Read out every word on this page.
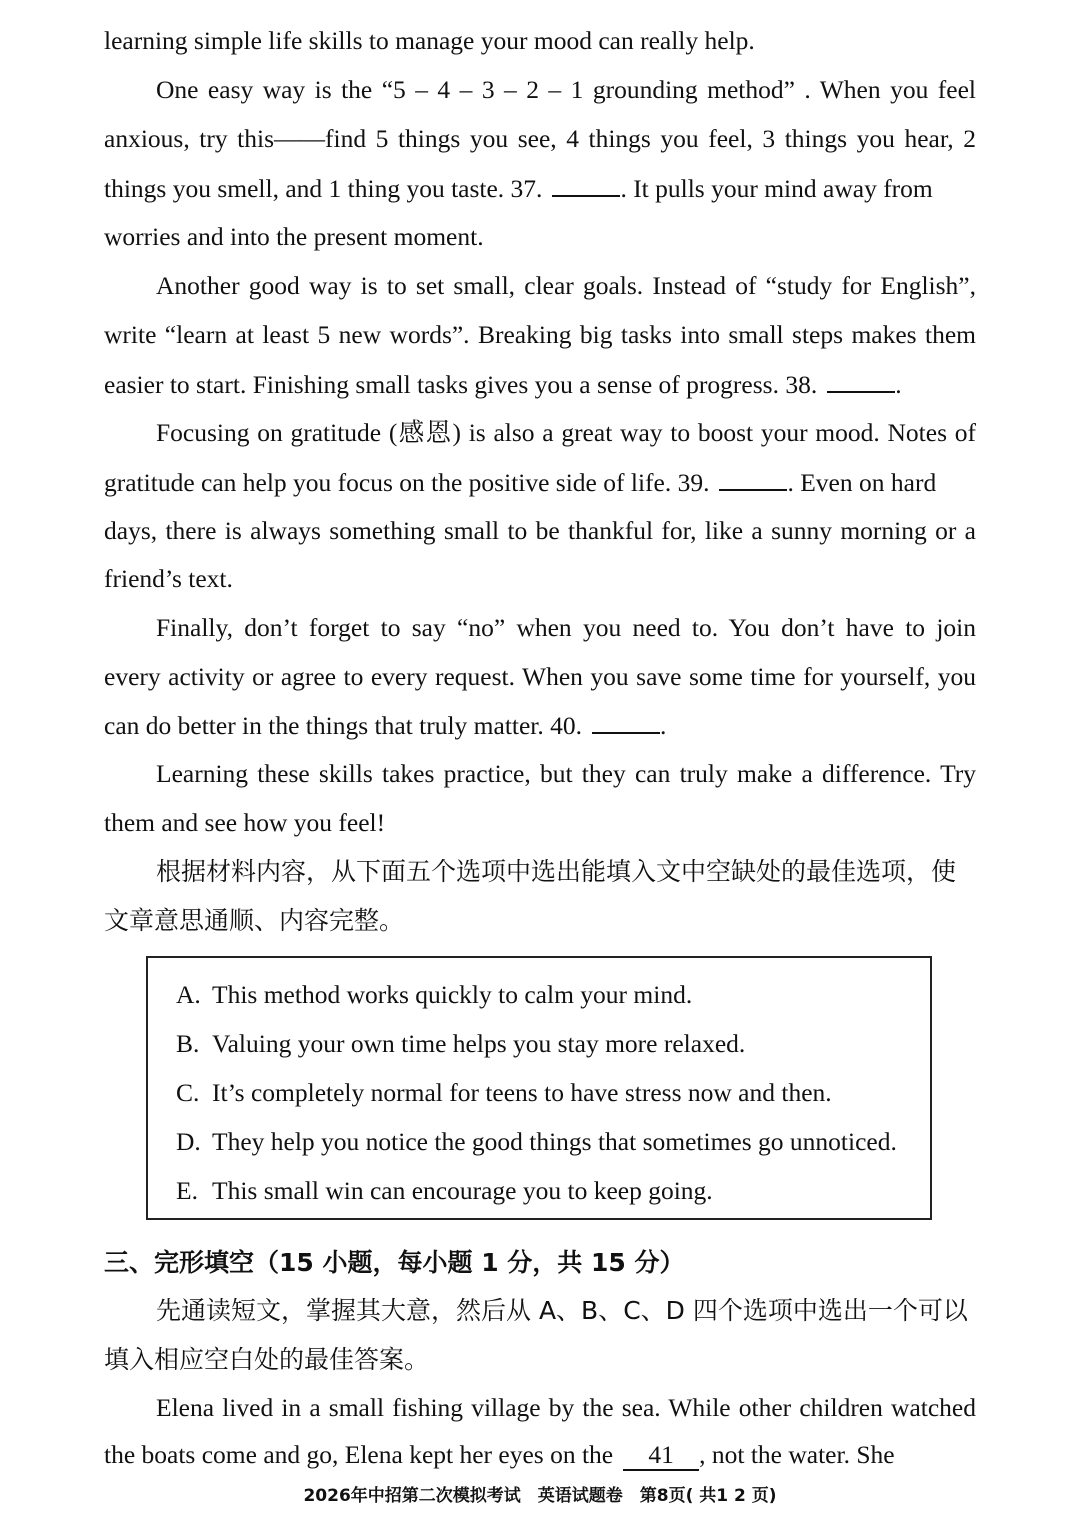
learning simple life skills to manage your mood can really help.
One easy way is the “5 – 4 – 3 – 2 – 1 grounding method” . When you feel
anxious, try this——find 5 things you see, 4 things you feel, 3 things you hear, 2
things you smell, and 1 thing you taste. 37.	. It pulls your mind away from
worries and into the present moment.
Another good way is to set small, clear goals. Instead of “study for English”,
write “learn at least 5 new words”. Breaking big tasks into small steps makes them
easier to start. Finishing small tasks gives you a sense of progress. 38.	.
Focusing on gratitude (感恩) is also a great way to boost your mood. Notes of
gratitude can help you focus on the positive side of life. 39.	. Even on hard
days, there is always something small to be thankful for, like a sunny morning or a
friend’s text.
Finally, don’t forget to say “no” when you need to. You don’t have to join
every activity or agree to every request. When you save some time for yourself, you
can do better in the things that truly matter. 40.	.
Learning these skills takes practice, but they can truly make a difference. Try
them and see how you feel!
根据材料内容，从下面五个选项中选出能填入文中空缺处的最佳选项，使
文章意思通顺、内容完整。
A. This method works quickly to calm your mind.
B. Valuing your own time helps you stay more relaxed.
C. It’s completely normal for teens to have stress now and then.
D. They help you notice the good things that sometimes go unnoticed.
E. This small win can encourage you to keep going.
三、完形填空（15 小题，每小题 1 分，共 15 分）
先通读短文，掌握其大意，然后从 A、B、C、D 四个选项中选出一个可以
填入相应空白处的最佳答案。
Elena lived in a small fishing village by the sea. While other children watched
the boats come and go, Elena kept her eyes on the 41 , not the water. She
2026年中招第二次模拟考试　英语试题卷　第8页( 共1 2 页)
